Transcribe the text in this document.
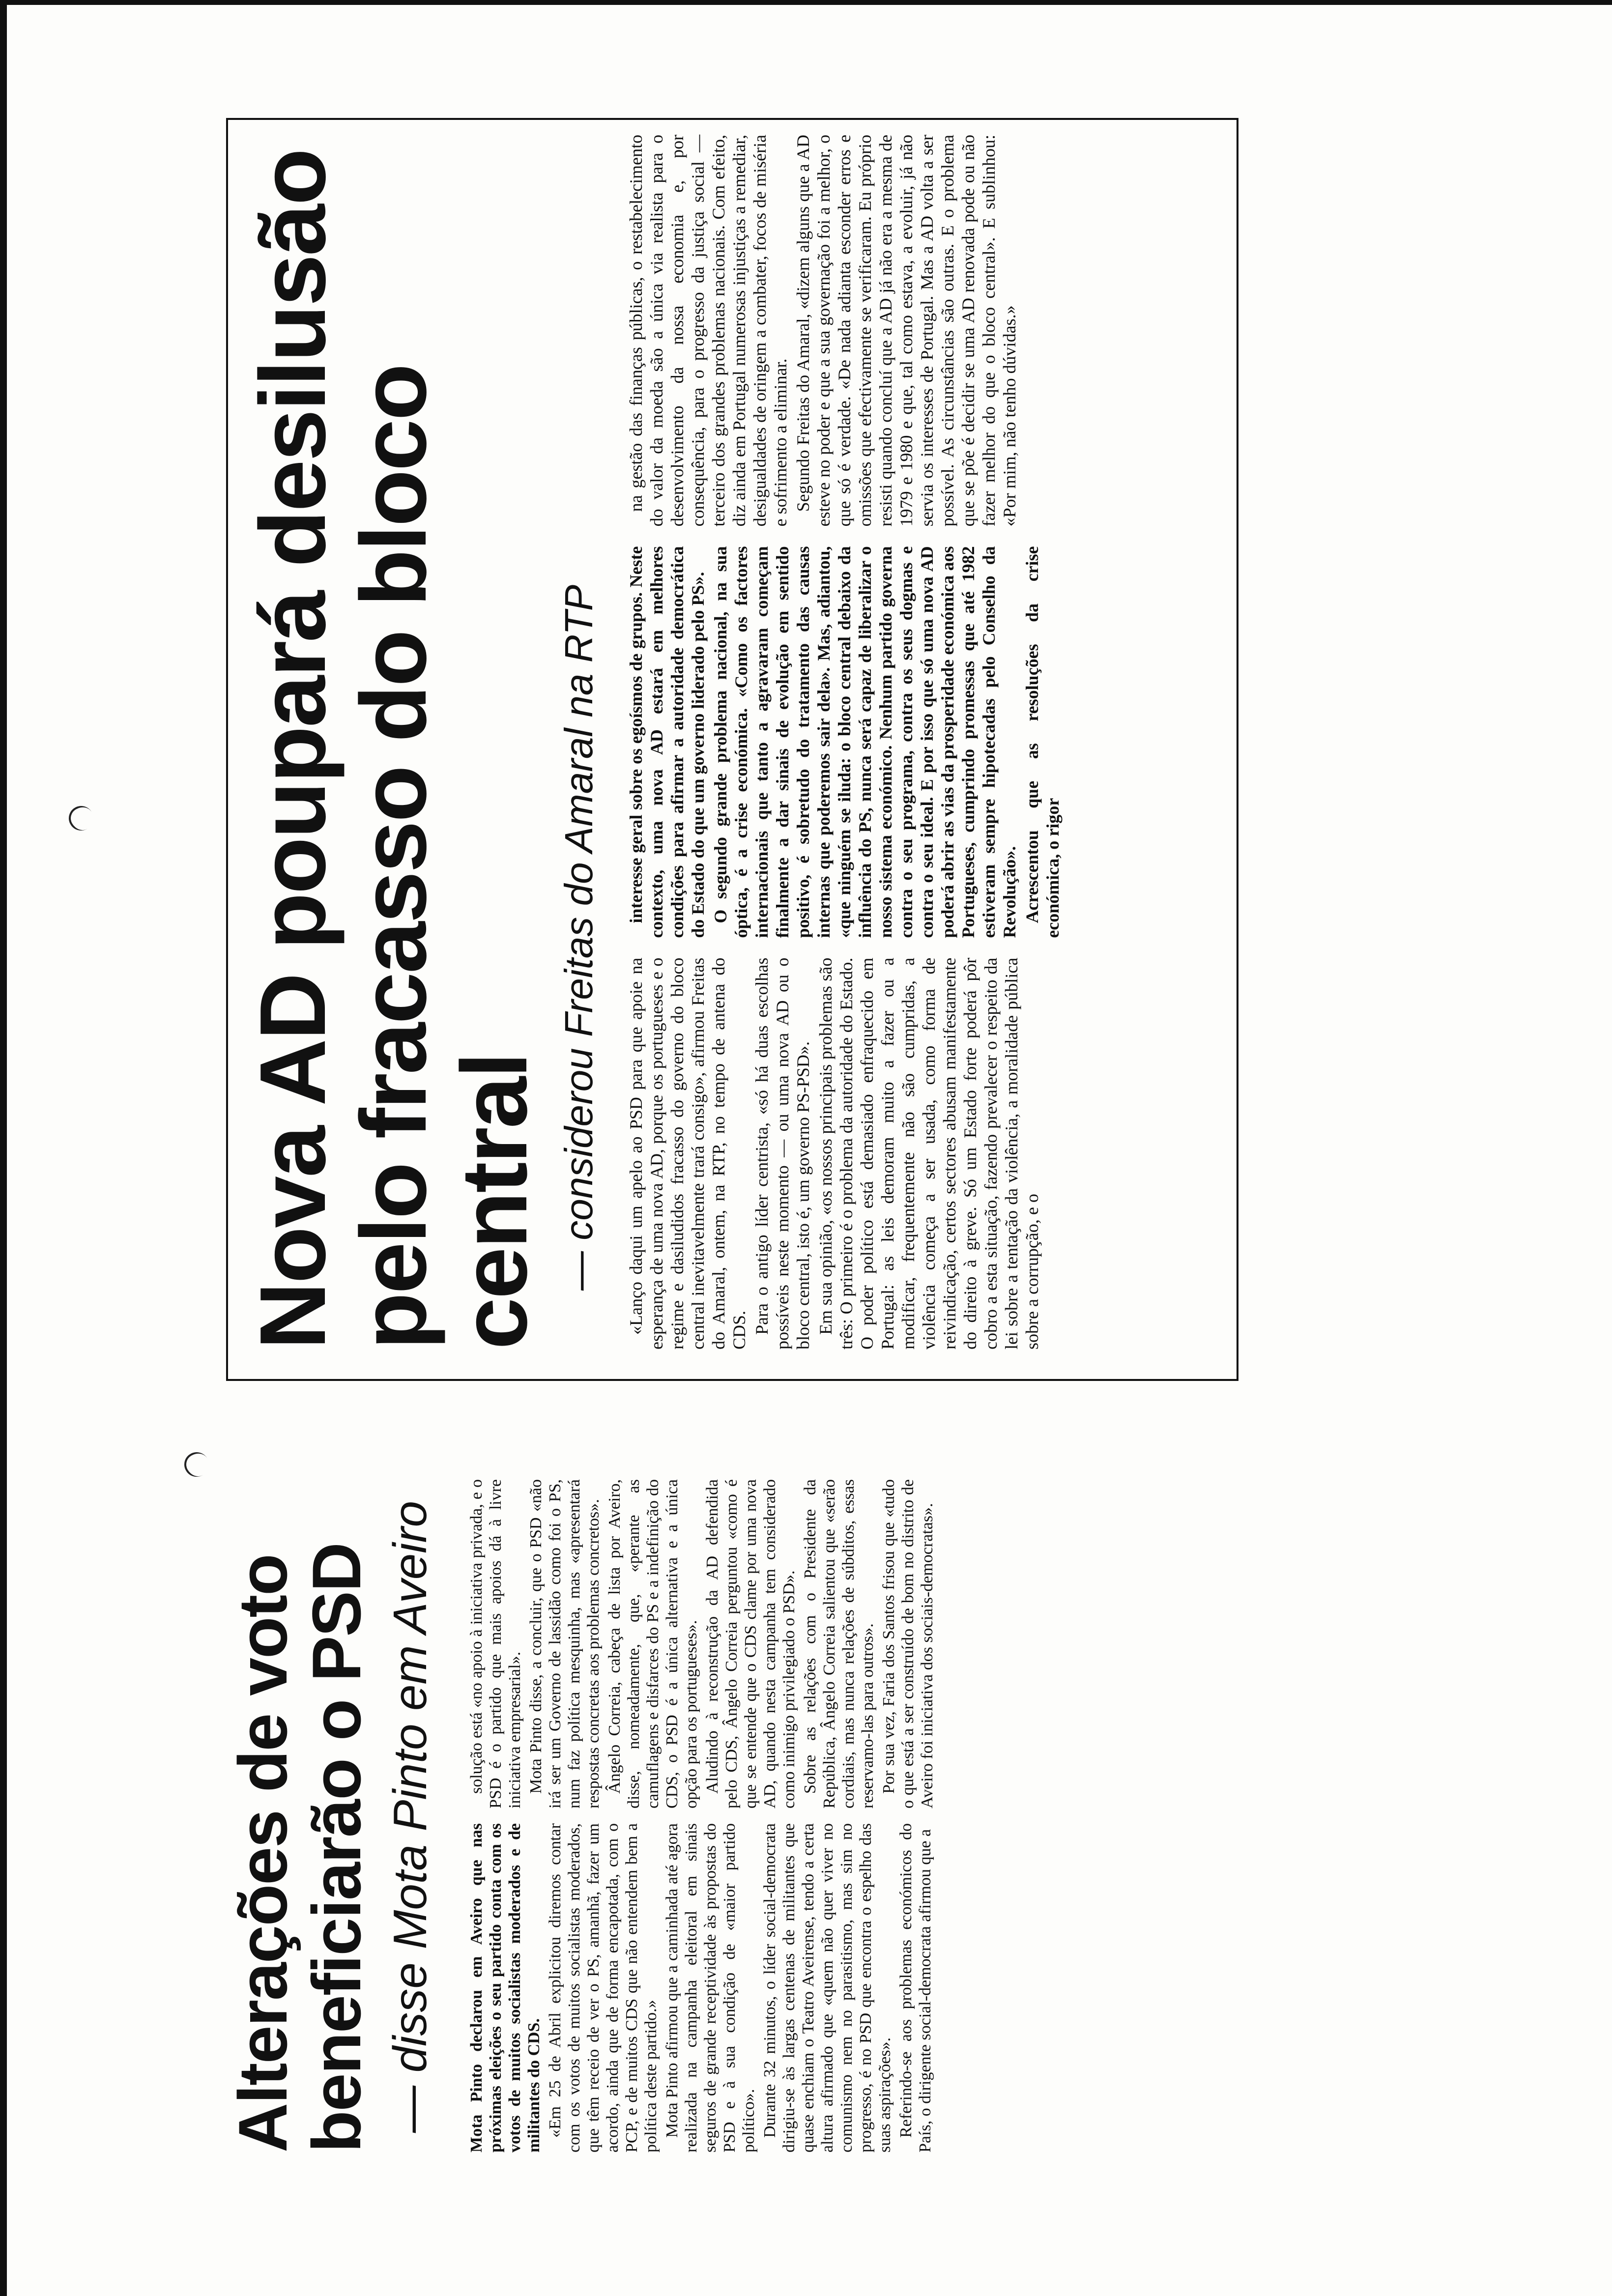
Alterações de voto beneficiarão o PSD — disse Mota Pinto em Aveiro Mota Pinto declarou em Aveiro que nas próximas eleições o seu partido conta com os votos de muitos socialistas moderados e de militantes do CDS. «Em 25 de Abril explicitou diremos contar com os votos de muitos socialistas moderados, que têm receio de ver o PS, amanhã, fazer um acordo, ainda que de forma encapotada, com o PCP, e de muitos CDS que não entendem bem a política deste partido.» Mota Pinto afirmou que a caminhada até agora realizada na campanha eleitoral em sinais seguros de grande receptividade às propostas do PSD e à sua condição de «maior partido político». Durante 32 minutos, o líder social-democrata dirigiu-se às largas centenas de militantes que quase enchiam o Teatro Aveirense, tendo a certa altura afirmado que «quem não quer viver no comunismo nem no parasitismo, mas sim no progresso, é no PSD que encontra o espelho das suas aspirações». Referindo-se aos problemas económicos do País, o dirigente social-democrata afirmou que a

solução está «no apoio à iniciativa privada, e o PSD é o partido que mais apoios dá à livre iniciativa empresarial». Mota Pinto disse, a concluir, que o PSD «não irá ser um Governo de lassidão como foi o PS, num faz política mesquinha, mas «apresentará respostas concretas aos problemas concretos». Ângelo Correia, cabeça de lista por Aveiro, disse, nomeadamente, que, «perante as camuflagens e disfarces do PS e a indefinição do CDS, o PSD é a única alternativa e a única opção para os portugueses». Aludindo à reconstrução da AD defendida pelo CDS, Ângelo Correia perguntou «como é que se entende que o CDS clame por uma nova AD, quando nesta campanha tem considerado como inimigo privilegiado o PSD». Sobre as relações com o Presidente da República, Ângelo Correia salientou que «serão cordiais, mas nunca relações de súbditos, essas reservamo-las para outros». Por sua vez, Faria dos Santos frisou que «tudo o que está a ser construído de bom no distrito de Aveiro foi iniciativa dos sociais-democratas».

Nova AD poupará desilusão pelo fracasso do bloco central — considerou Freitas do Amaral na RTP «Lanço daqui um apelo ao PSD para que apoie na esperança de uma nova AD, porque os portugueses e o regime e dasiludidos fracasso do governo do bloco central inevitavelmente trará consigo», afirmou Freitas do Amaral, ontem, na RTP, no tempo de antena do CDS. Para o antigo líder centrista, «só há duas escolhas possíveis neste momento — ou uma nova AD ou o bloco central, isto é, um governo PS-PSD». Em sua opinião, «os nossos principais problemas são três: O primeiro é o problema da autoridade do Estado. O poder político está demasiado enfraquecido em Portugal: as leis demoram muito a fazer ou a modificar, frequentemente não são cumpridas, a violência começa a ser usada, como forma de reivindicação, certos sectores abusam manifestamente do direito à greve. Só um Estado forte poderá pôr cobro a esta situação, fazendo prevalecer o respeito da lei sobre a tentação da violência, a moralidade pública sobre a corrupção, e o

interesse geral sobre os egoísmos de grupos. Neste contexto, uma nova AD estará em melhores condições para afirmar a autoridade democrática do Estado do que um governo liderado pelo PS». O segundo grande problema nacional, na sua óptica, é a crise económica. «Como os factores internacionais que tanto a agravaram começam finalmente a dar sinais de evolução em sentido positivo, é sobretudo do tratamento das causas internas que poderemos sair dela». Mas, adiantou, «que ninguém se iluda: o bloco central debaixo da influência do PS, nunca será capaz de liberalizar o nosso sistema económico. Nenhum partido governa contra o seu programa, contra os seus dogmas e contra o seu ideal. E por isso que só uma nova AD poderá abrir as vias da prosperidade económica aos Portugueses, cumprindo promessas que até 1982 estiveram sempre hipotecadas pelo Conselho da Revolução». Acrescentou que as resoluções da crise económica, o rigor

na gestão das finanças públicas, o restabelecimento do valor da moeda são a única via realista para o desenvolvimento da nossa economia e, por consequência, para o progresso da justiça social — terceiro dos grandes problemas nacionais. Com efeito, diz ainda em Portugal numerosas injustiças a remediar, desigualdades de oringem a combater, focos de miséria e sofrimento a eliminar. Segundo Freitas do Amaral, «dizem alguns que a AD esteve no poder e que a sua governação foi a melhor, o que só é verdade. «De nada adianta esconder erros e omissões que efectivamente se verificaram. Eu próprio resisti quando concluí que a AD já não era a mesma de 1979 e 1980 e que, tal como estava, a evoluir, já não servia os interesses de Portugal. Mas a AD volta a ser possível. As circunstâncias são outras. E o problema que se põe é decidir se uma AD renovada pode ou não fazer melhor do que o bloco central». E sublinhou: «Por mim, não tenho dúvidas.»
